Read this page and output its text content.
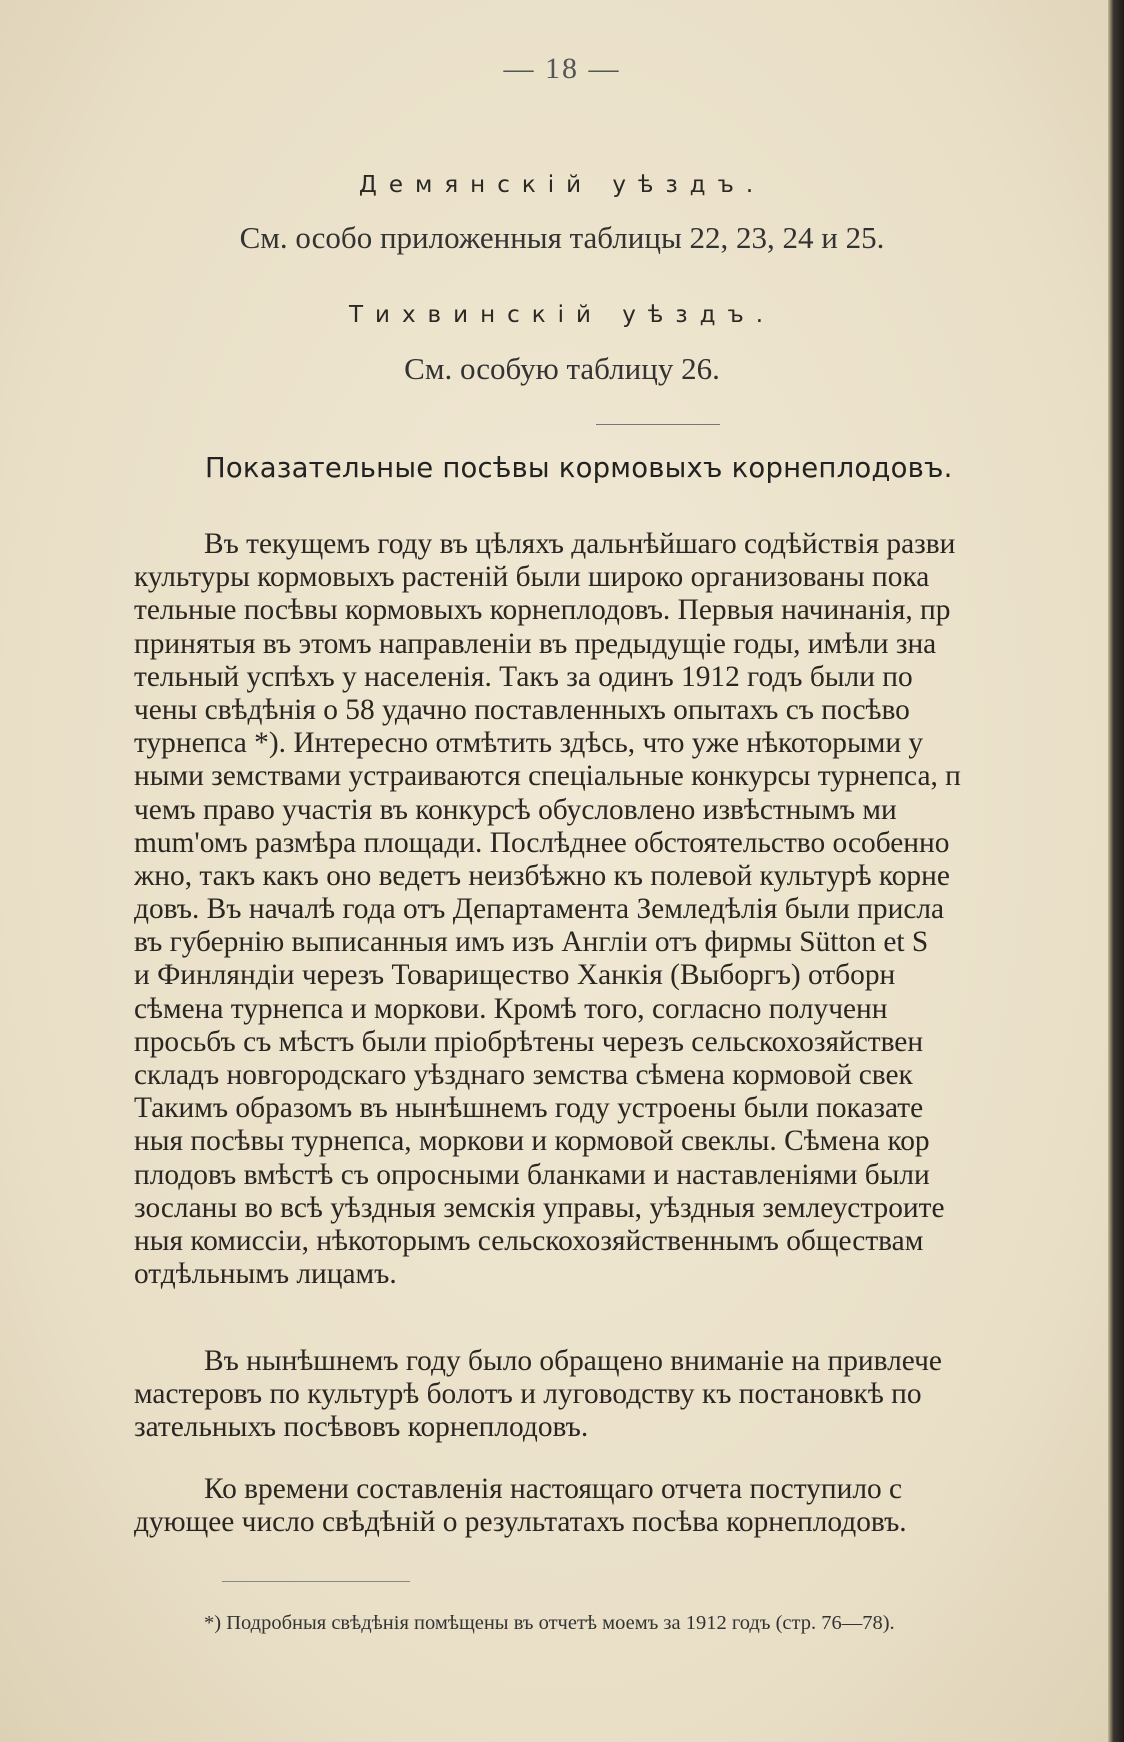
— 18 —
Демянскій уѣздъ.
См. особо приложенныя таблицы 22, 23, 24 и 25.
Тихвинскій уѣздъ.
См. особую таблицу 26.
Показательные посѣвы кормовыхъ корнеплодовъ.
Въ текущемъ году въ цѣляхъ дальнѣйшаго содѣйствія разви
культуры кормовыхъ растеній были широко организованы пока
тельные посѣвы кормовыхъ корнеплодовъ. Первыя начинанія, пр
принятыя въ этомъ направленіи въ предыдущіе годы, имѣли зна
тельный успѣхъ у населенія. Такъ за одинъ 1912 годъ были по
чены свѣдѣнія о 58 удачно поставленныхъ опытахъ съ посѣво
турнепса *). Интересно отмѣтить здѣсь, что уже нѣкоторыми у
ными земствами устраиваются спеціальные конкурсы турнепса, п
чемъ право участія въ конкурсѣ обусловлено извѣстнымъ ми
mum'омъ размѣра площади. Послѣднее обстоятельство особенно
жно, такъ какъ оно ведетъ неизбѣжно къ полевой культурѣ корне
довъ. Въ началѣ года отъ Департамента Земледѣлія были присла
въ губернію выписанныя имъ изъ Англіи отъ фирмы Sütton et S
и Финляндіи черезъ Товарищество Ханкія (Выборгъ) отборн
сѣмена турнепса и моркови. Кромѣ того, согласно полученн
просьбъ съ мѣстъ были пріобрѣтены черезъ сельскохозяйствен
складъ новгородскаго уѣзднаго земства сѣмена кормовой свек
Такимъ образомъ въ нынѣшнемъ году устроены были показате
ныя посѣвы турнепса, моркови и кормовой свеклы. Сѣмена кор
плодовъ вмѣстѣ съ опросными бланками и наставленіями были
зосланы во всѣ уѣздныя земскія управы, уѣздныя землеустроите
ныя комиссіи, нѣкоторымъ сельскохозяйственнымъ обществам
отдѣльнымъ лицамъ.
Въ нынѣшнемъ году было обращено вниманіе на привлече
мастеровъ по культурѣ болотъ и луговодству къ постановкѣ по
зательныхъ посѣвовъ корнеплодовъ.
Ко времени составленія настоящаго отчета поступило с
дующее число свѣдѣній о результатахъ посѣва корнеплодовъ.
*) Подробныя свѣдѣнія помѣщены въ отчетѣ моемъ за 1912 годъ (стр. 76—78).
